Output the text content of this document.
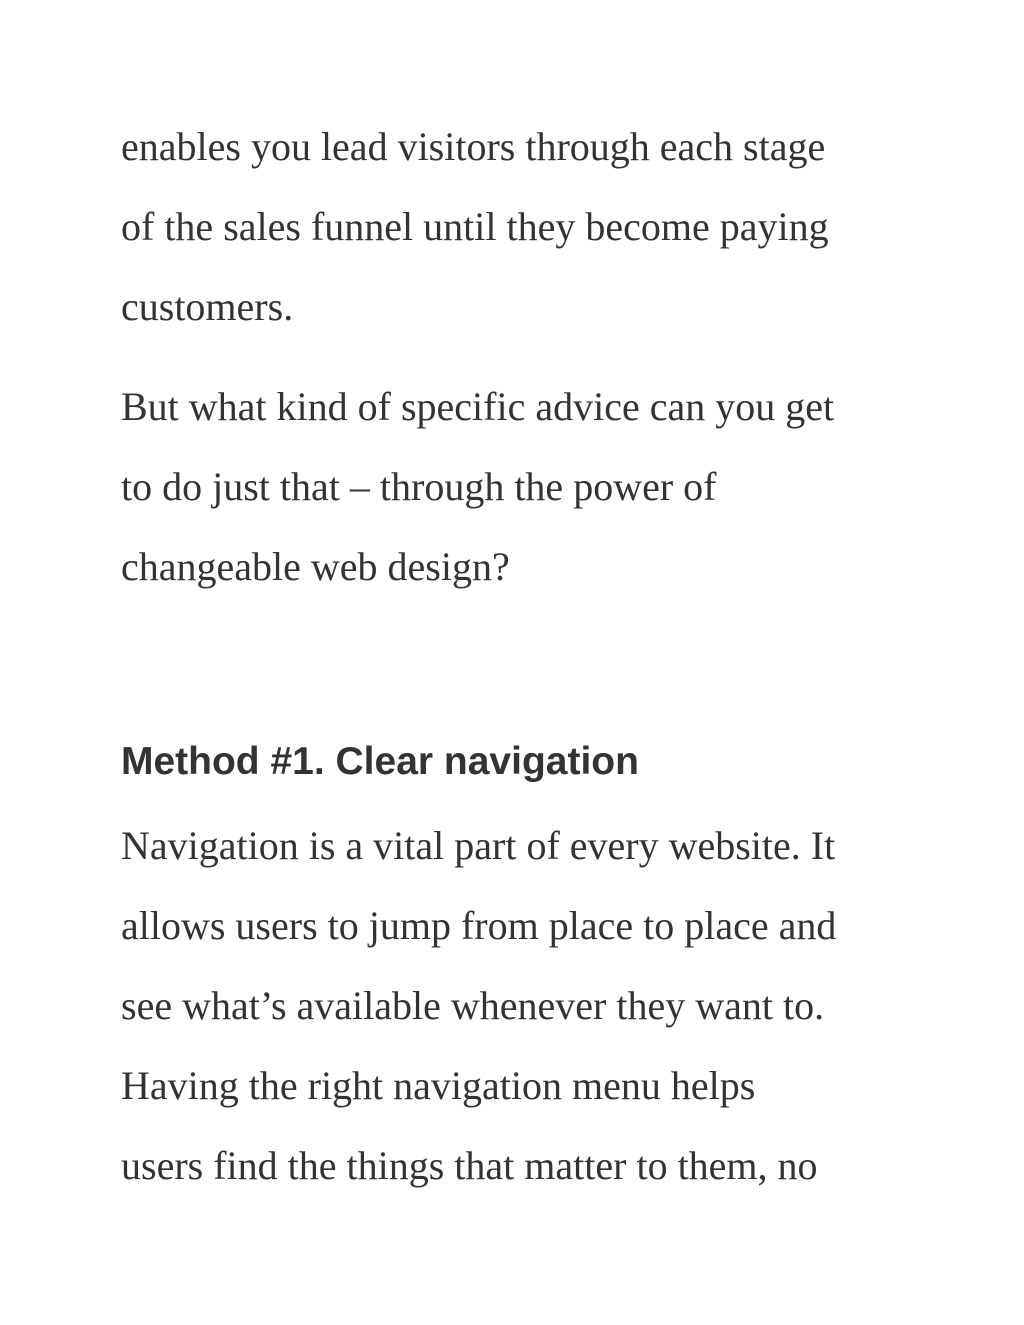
enables you lead visitors through each stage
of the sales funnel until they become paying
customers.
But what kind of specific advice can you get
to do just that – through the power of
changeable web design?
Method #1. Clear navigation
Navigation is a vital part of every website. It
allows users to jump from place to place and
see what’s available whenever they want to.
Having the right navigation menu helps
users find the things that matter to them, no
